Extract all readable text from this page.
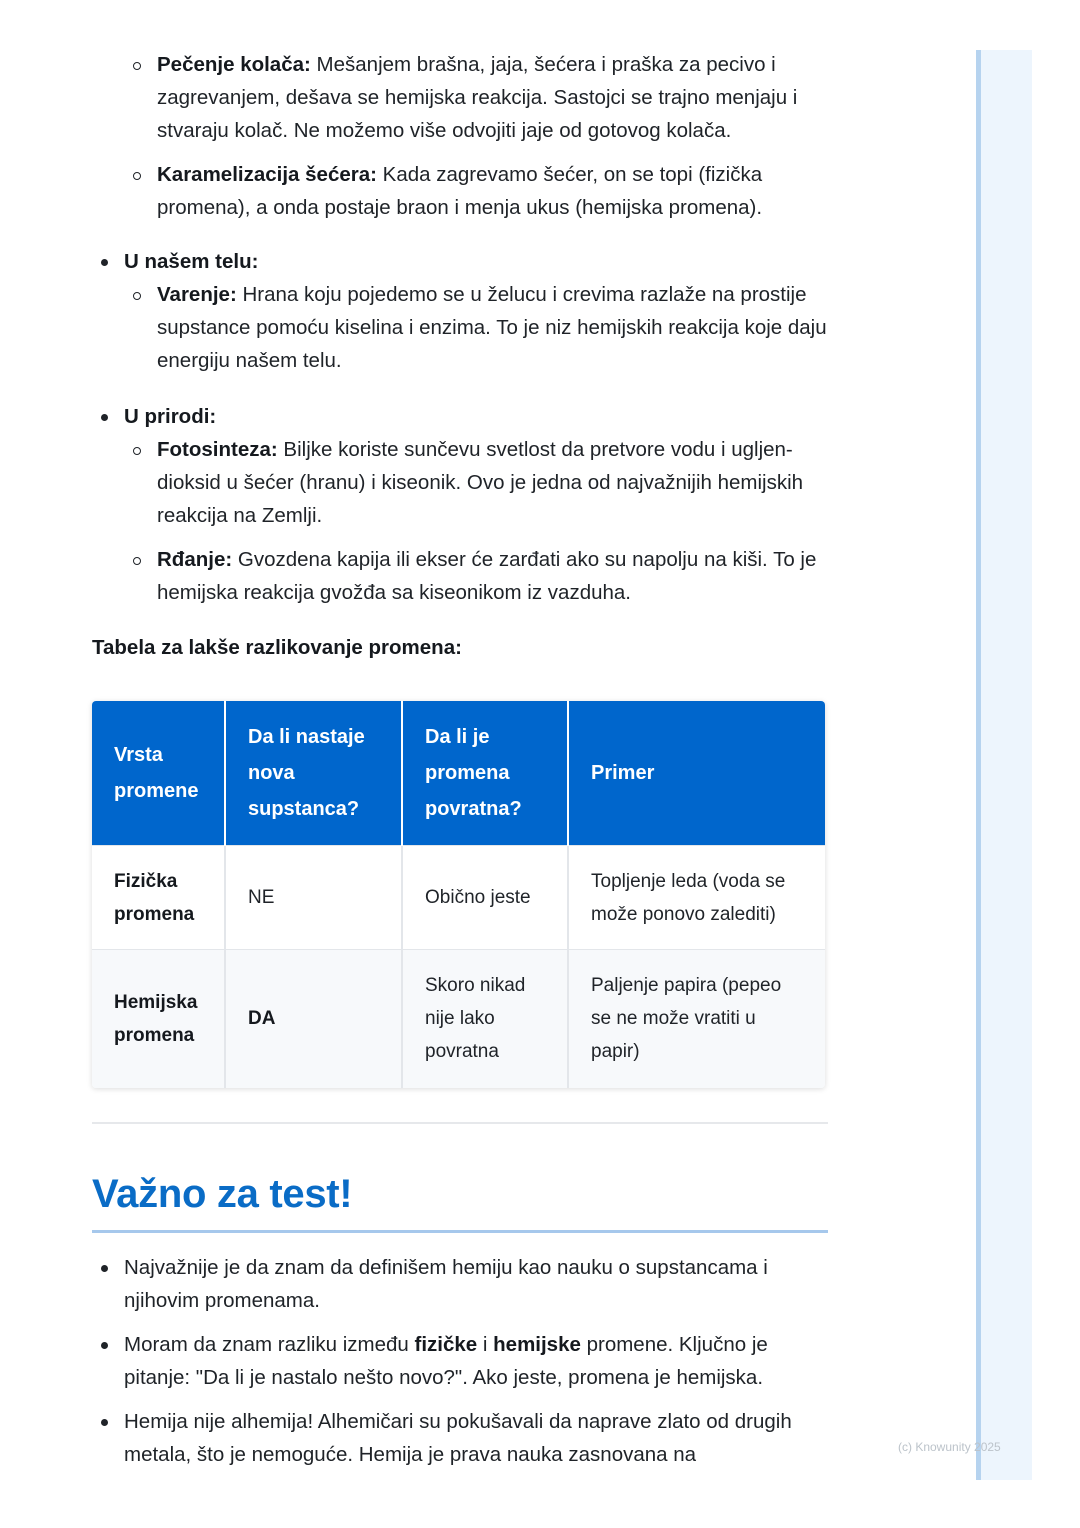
Pečenje kolača: Mešanjem brašna, jaja, šećera i praška za pecivo i zagrevanjem, dešava se hemijska reakcija. Sastojci se trajno menjaju i stvaraju kolač. Ne možemo više odvojiti jaje od gotovog kolača.
Karamelizacija šećera: Kada zagrevamo šećer, on se topi (fizička promena), a onda postaje braon i menja ukus (hemijska promena).
U našem telu:
Varenje: Hrana koju pojedemo se u želucu i crevima razlaže na prostije supstance pomoću kiselina i enzima. To je niz hemijskih reakcija koje daju energiju našem telu.
U prirodi:
Fotosinteza: Biljke koriste sunčevu svetlost da pretvore vodu i ugljen-dioksid u šećer (hranu) i kiseonik. Ovo je jedna od najvažnijih hemijskih reakcija na Zemlji.
Rđanje: Gvozdena kapija ili ekser će zarđati ako su napolju na kiši. To je hemijska reakcija gvožđa sa kiseonikom iz vazduha.
Tabela za lakše razlikovanje promena:
Vrsta promene	Da li nastaje nova supstanca?	Da li je promena povratna?	Primer
Fizička promena	NE	Obično jeste	Topljenje leda (voda se može ponovo zalediti)
Hemijska promena	DA	Skoro nikad nije lako povratna	Paljenje papira (pepeo se ne može vratiti u papir)
Važno za test!
Najvažnije je da znam da definišem hemiju kao nauku o supstancama i njihovim promenama.
Moram da znam razliku između fizičke i hemijske promene. Ključno je pitanje: "Da li je nastalo nešto novo?". Ako jeste, promena je hemijska.
Hemija nije alhemija! Alhemičari su pokušavali da naprave zlato od drugih metala, što je nemoguće. Hemija je prava nauka zasnovana na	(c) Knowunity 2025
